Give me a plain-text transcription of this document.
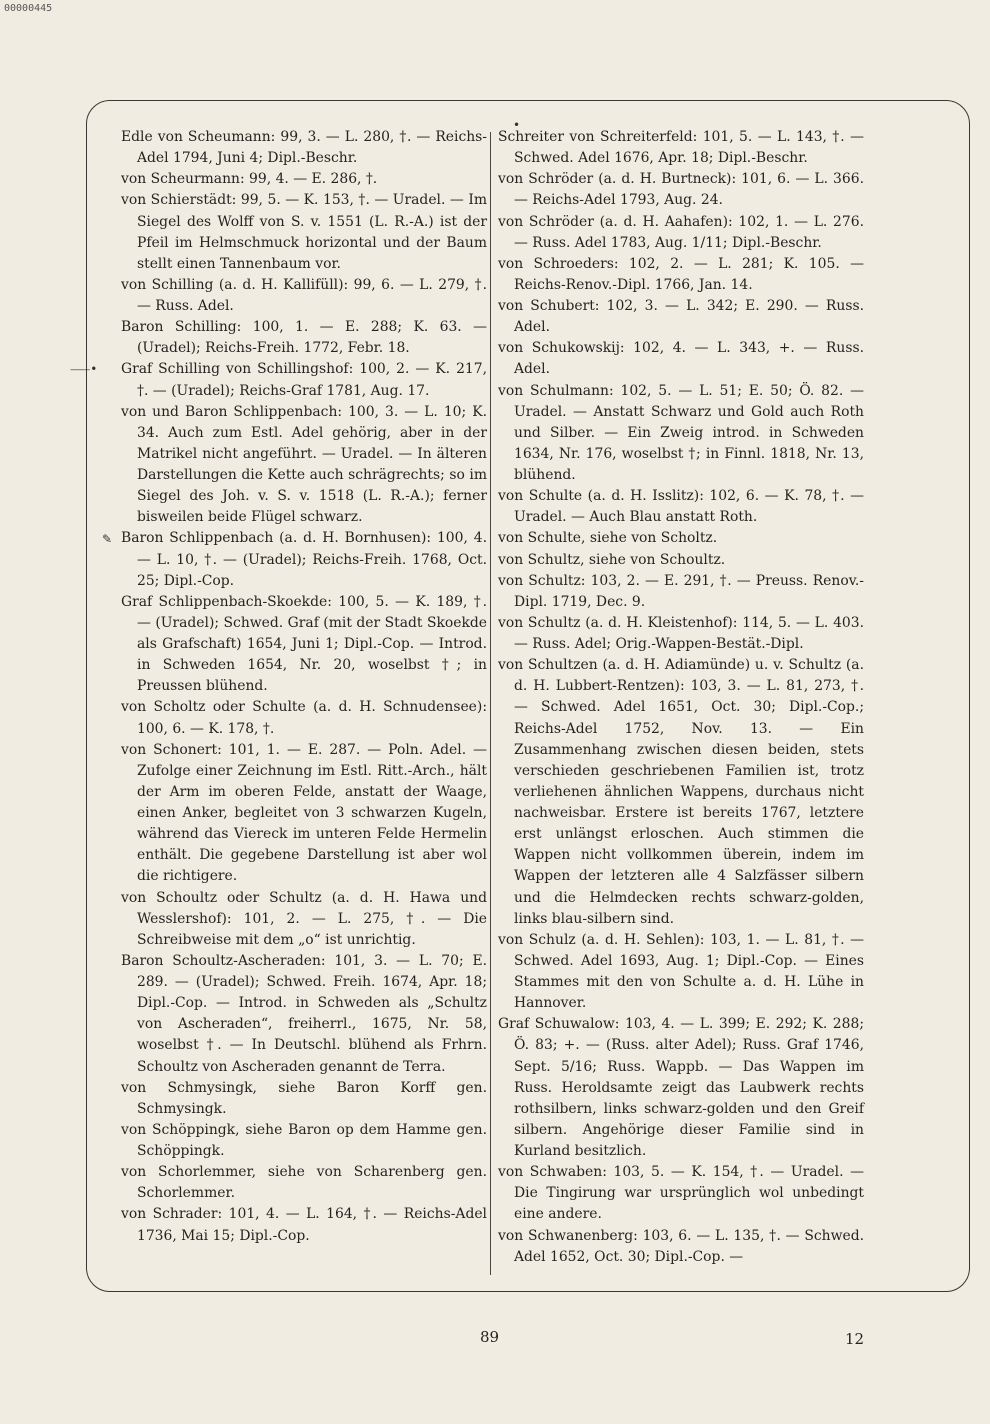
00000445
⸺•
✎
•

Edle von Scheumann: 99, 3. — L. 280, †. — Reichs-Adel 1794, Juni 4; Dipl.-Beschr.

von Scheurmann: 99, 4. — E. 286, †.

von Schierstädt: 99, 5. — K. 153, †. — Uradel. — Im Siegel des Wolff von S. v. 1551 (L. R.-A.) ist der Pfeil im Helmschmuck horizontal und der Baum stellt einen Tannenbaum vor.

von Schilling (a. d. H. Kallifüll): 99, 6. — L. 279, †. — Russ. Adel.

Baron Schilling: 100, 1. — E. 288; K. 63. — (Uradel); Reichs-Freih. 1772, Febr. 18.

Graf Schilling von Schillingshof: 100, 2. — K. 217, †. — (Uradel); Reichs-Graf 1781, Aug. 17.

von und Baron Schlippenbach: 100, 3. — L. 10; K. 34. Auch zum Estl. Adel gehörig, aber in der Matrikel nicht angeführt. — Uradel. — In älteren Darstellungen die Kette auch schrägrechts; so im Siegel des Joh. v. S. v. 1518 (L. R.-A.); ferner bisweilen beide Flügel schwarz.

Baron Schlippenbach (a. d. H. Bornhusen): 100, 4. — L. 10, †. — (Uradel); Reichs-Freih. 1768, Oct. 25; Dipl.-Cop.

Graf Schlippenbach-Skoekde: 100, 5. — K. 189, †. — (Uradel); Schwed. Graf (mit der Stadt Skoekde als Grafschaft) 1654, Juni 1; Dipl.-Cop. — Introd. in Schweden 1654, Nr. 20, woselbst †; in Preussen blühend.

von Scholtz oder Schulte (a. d. H. Schnudensee): 100, 6. — K. 178, †.

von Schonert: 101, 1. — E. 287. — Poln. Adel. — Zufolge einer Zeichnung im Estl. Ritt.-Arch., hält der Arm im oberen Felde, anstatt der Waage, einen Anker, begleitet von 3 schwarzen Kugeln, während das Viereck im unteren Felde Hermelin enthält. Die gegebene Darstellung ist aber wol die richtigere.

von Schoultz oder Schultz (a. d. H. Hawa und Wesslershof): 101, 2. — L. 275, †. — Die Schreibweise mit dem „o“ ist unrichtig.

Baron Schoultz-Ascheraden: 101, 3. — L. 70; E. 289. — (Uradel); Schwed. Freih. 1674, Apr. 18; Dipl.-Cop. — Introd. in Schweden als „Schultz von Ascheraden“, freiherrl., 1675, Nr. 58, woselbst †. — In Deutschl. blühend als Frhrn. Schoultz von Ascheraden genannt de Terra.

von Schmysingk, siehe Baron Korff gen. Schmysingk.

von Schöppingk, siehe Baron op dem Hamme gen. Schöppingk.

von Schorlemmer, siehe von Scharenberg gen. Schorlemmer.

von Schrader: 101, 4. — L. 164, †. — Reichs-Adel 1736, Mai 15; Dipl.-Cop.

Schreiter von Schreiterfeld: 101, 5. — L. 143, †. — Schwed. Adel 1676, Apr. 18; Dipl.-Beschr.

von Schröder (a. d. H. Burtneck): 101, 6. — L. 366. — Reichs-Adel 1793, Aug. 24.

von Schröder (a. d. H. Aahafen): 102, 1. — L. 276. — Russ. Adel 1783, Aug. 1/11; Dipl.-Beschr.

von Schroeders: 102, 2. — L. 281; K. 105. — Reichs-Renov.-Dipl. 1766, Jan. 14.

von Schubert: 102, 3. — L. 342; E. 290. — Russ. Adel.

von Schukowskij: 102, 4. — L. 343, +. — Russ. Adel.

von Schulmann: 102, 5. — L. 51; E. 50; Ö. 82. — Uradel. — Anstatt Schwarz und Gold auch Roth und Silber. — Ein Zweig introd. in Schweden 1634, Nr. 176, woselbst †; in Finnl. 1818, Nr. 13, blühend.

von Schulte (a. d. H. Isslitz): 102, 6. — K. 78, †. — Uradel. — Auch Blau anstatt Roth.

von Schulte, siehe von Scholtz.

von Schultz, siehe von Schoultz.

von Schultz: 103, 2. — E. 291, †. — Preuss. Renov.-Dipl. 1719, Dec. 9.

von Schultz (a. d. H. Kleistenhof): 114, 5. — L. 403. — Russ. Adel; Orig.-Wappen-Bestät.-Dipl.

von Schultzen (a. d. H. Adiamünde) u. v. Schultz (a. d. H. Lubbert-Rentzen): 103, 3. — L. 81, 273, †. — Schwed. Adel 1651, Oct. 30; Dipl.-Cop.; Reichs-Adel 1752, Nov. 13. — Ein Zusammenhang zwischen diesen beiden, stets verschieden geschriebenen Familien ist, trotz verliehenen ähnlichen Wappens, durchaus nicht nachweisbar. Erstere ist bereits 1767, letztere erst unlängst erloschen. Auch stimmen die Wappen nicht vollkommen überein, indem im Wappen der letzteren alle 4 Salzfässer silbern und die Helmdecken rechts schwarz-golden, links blau-silbern sind.

von Schulz (a. d. H. Sehlen): 103, 1. — L. 81, †. — Schwed. Adel 1693, Aug. 1; Dipl.-Cop. — Eines Stammes mit den von Schulte a. d. H. Lühe in Hannover.

Graf Schuwalow: 103, 4. — L. 399; E. 292; K. 288; Ö. 83; +. — (Russ. alter Adel); Russ. Graf 1746, Sept. 5/16; Russ. Wappb. — Das Wappen im Russ. Heroldsamte zeigt das Laubwerk rechts rothsilbern, links schwarz-golden und den Greif silbern. Angehörige dieser Familie sind in Kurland besitzlich.

von Schwaben: 103, 5. — K. 154, †. — Uradel. — Die Tingirung war ursprünglich wol unbedingt eine andere.

von Schwanenberg: 103, 6. — L. 135, †. — Schwed. Adel 1652, Oct. 30; Dipl.-Cop. —

89	12
